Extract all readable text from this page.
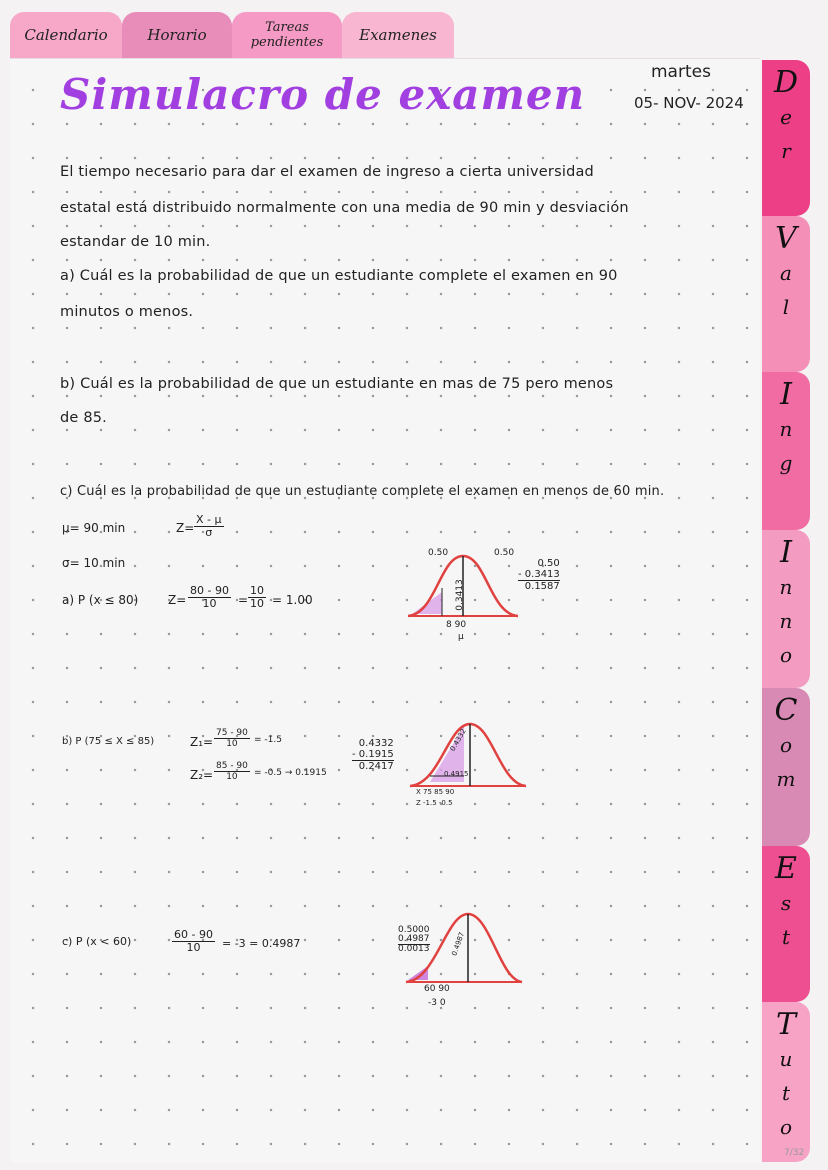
Calendario	Horario	Tareas pendientes	Examenes
Simulacro de examen	martes
05- NOV- 2024
El tiempo necesario para dar el examen de ingreso a cierta universidad
estatal está distribuido normalmente con una media de 90 min y desviación
estandar de 10 min.
a) Cuál es la probabilidad de que un estudiante complete el examen en 90
minutos o menos.
b) Cuál es la probabilidad de que un estudiante en mas de 75 pero menos
de 85.
c) Cuál es la probabilidad de que un estudiante complete el examen en menos de 60 min.
µ= 90 min
σ= 10 min
Z=
X - µ
σ
a) P (x ≤ 80) $Z= \frac{80 - 90}{10} = \frac{10}{10} = 1.00$
0.50	0.50
0.3413
8 90
µ
0.50
- 0.3413
0.1587
b) P (75 ≤ X ≤ 85)	$Z_1= \frac{75 - 90}{10} = -1.5$
$Z_2= \frac{85 - 90}{10} = -0.5 \to 0.1915$
0.4332
- 0.1915
0.2417
0.4332
0.4915
X 75 85 90
Z -1.5 -0.5
c) P (x < 60)	$\frac{60 - 90}{10} = -3 = 0.4987$
0.5000
0.4987
0.0013	0.4987
60 90
-3 0
D
e
r
V
a
l
I
n
g
I
n
n
o
C
o
m
E
s
t
T
u
t
o
7/32
